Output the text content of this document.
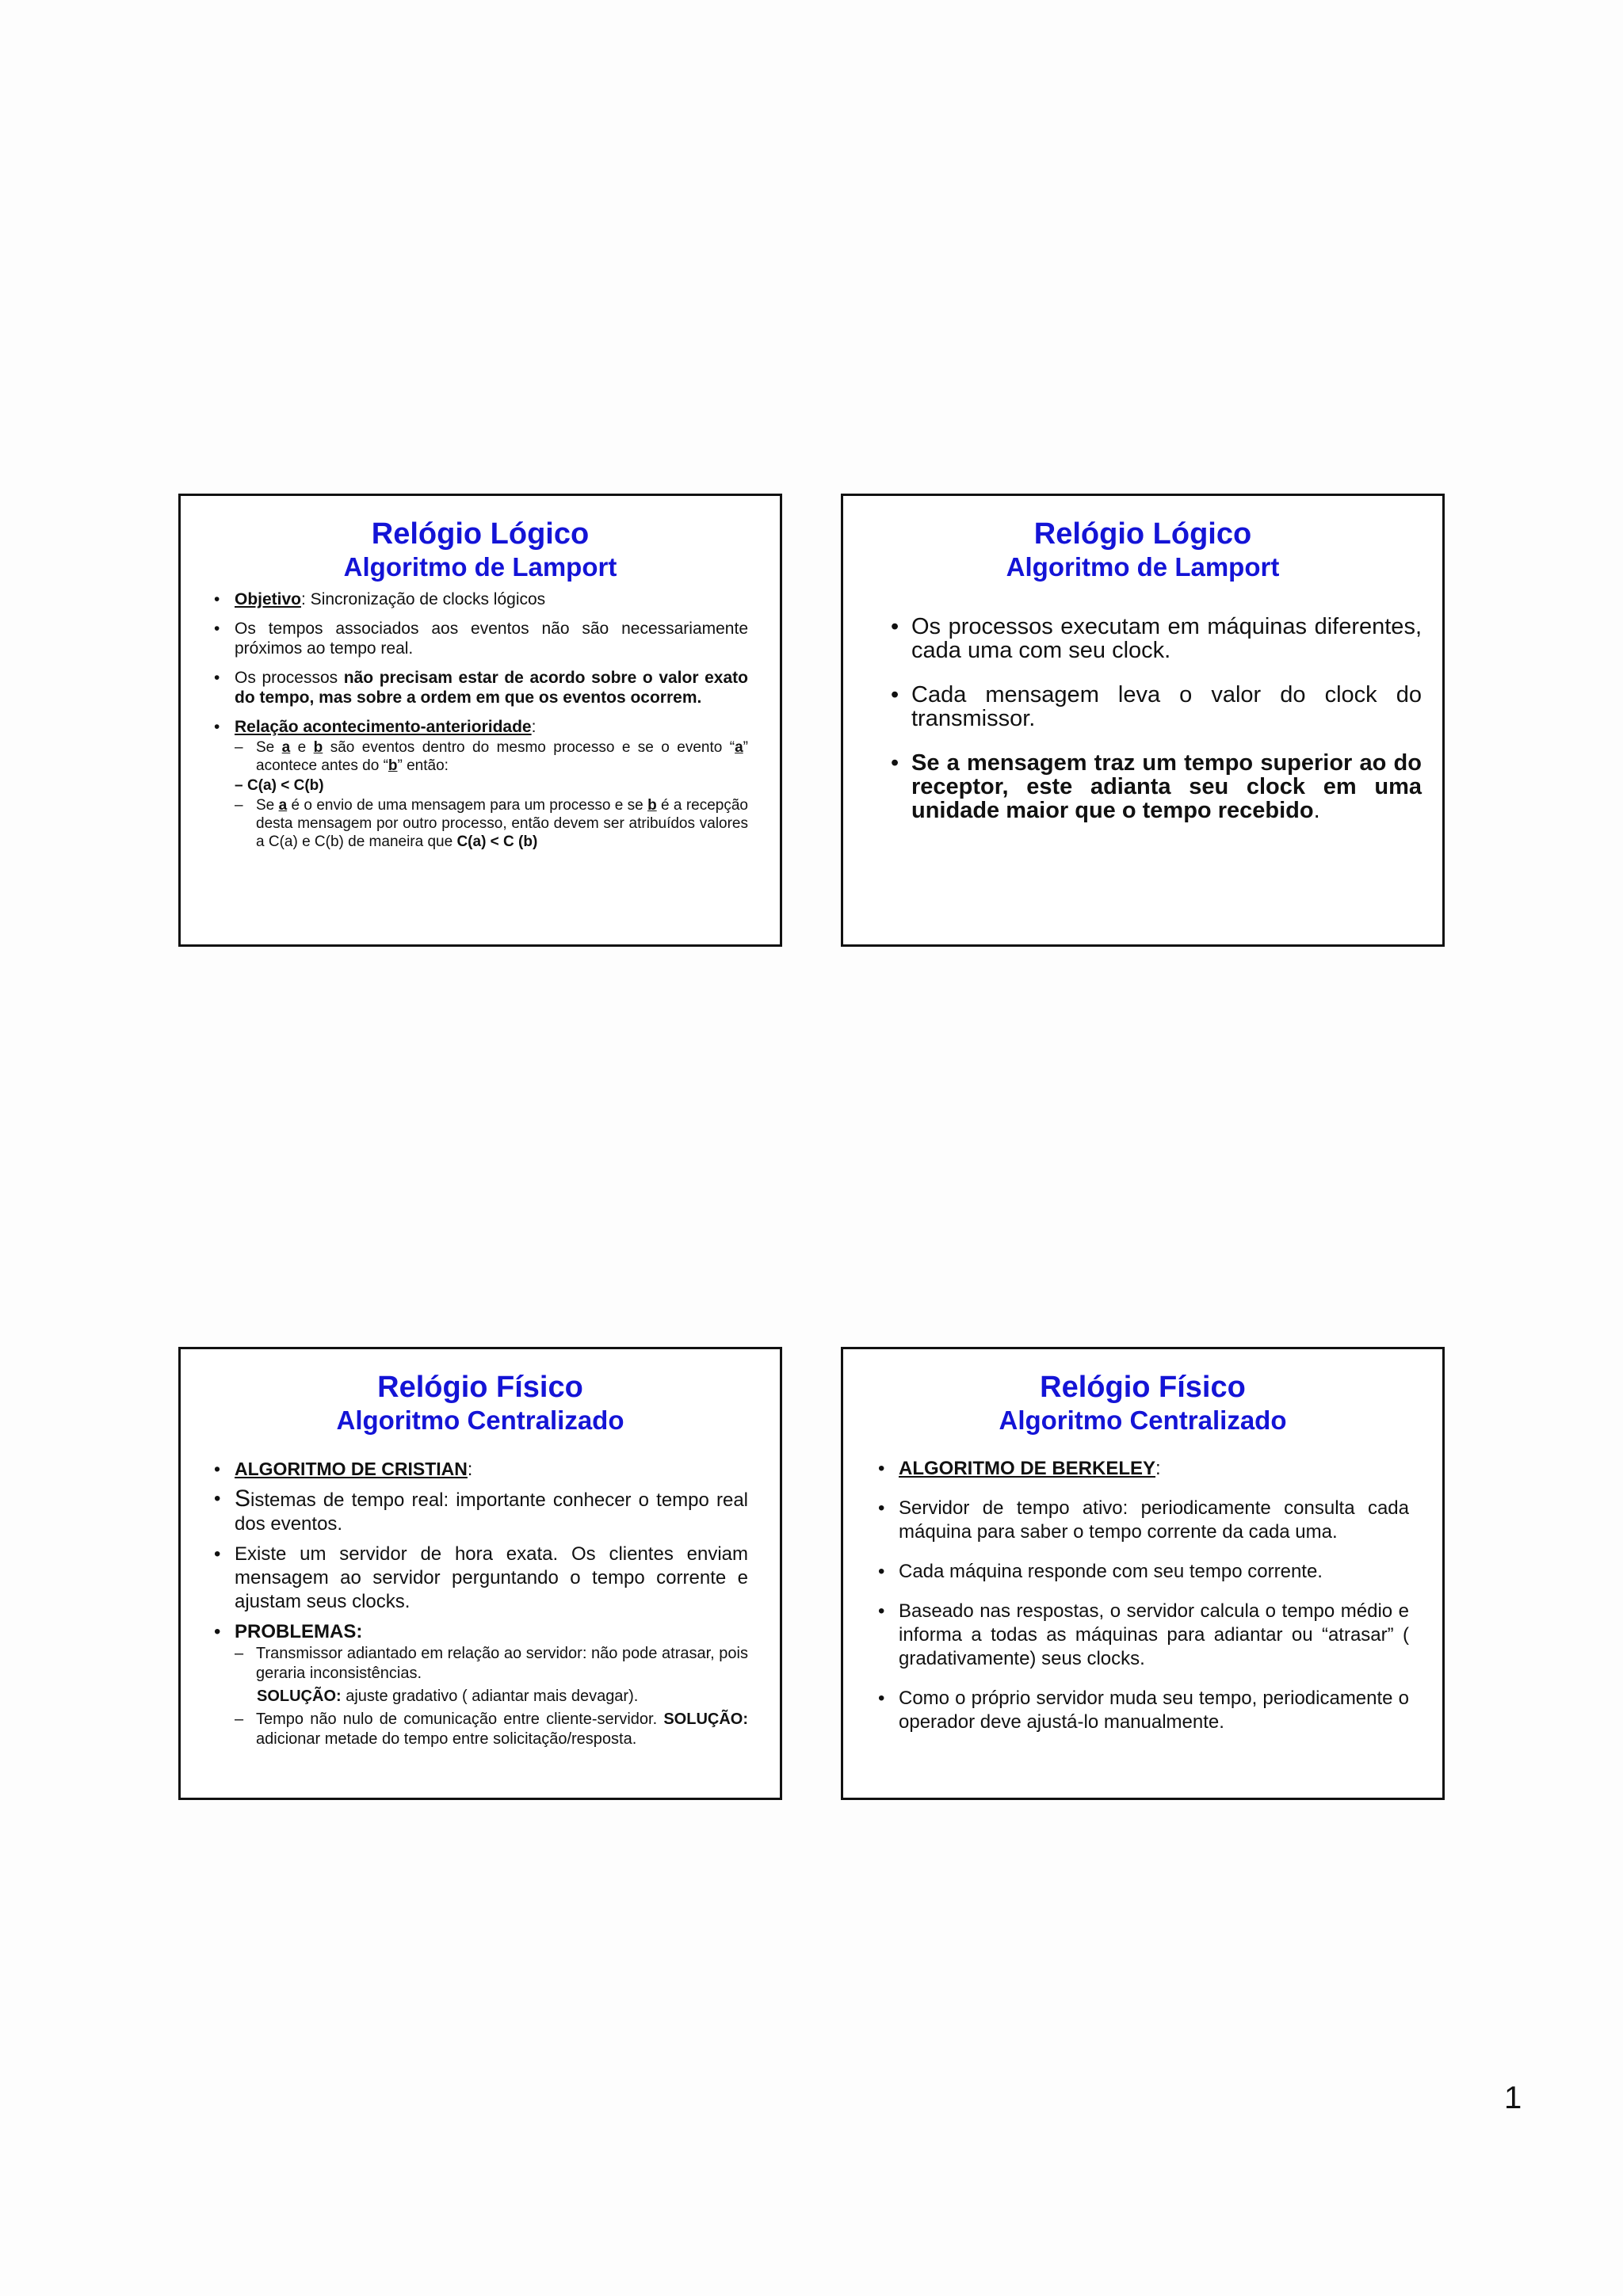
Relógio Lógico
Algoritmo de Lamport
• Objetivo: Sincronização de clocks lógicos
• Os tempos associados aos eventos não são necessariamente próximos ao tempo real.
• Os processos não precisam estar de acordo sobre o valor exato do tempo, mas sobre a ordem em que os eventos ocorrem.
• Relação acontecimento-anterioridade:
– Se a e b são eventos dentro do mesmo processo e se o evento “a” acontece antes do “b” então:
– C(a) < C(b)
– Se a é o envio de uma mensagem para um processo e se b é a recepção desta mensagem por outro processo, então devem ser atribuídos valores a C(a) e C(b) de maneira que C(a) < C (b)
Relógio Lógico
Algoritmo de Lamport
• Os processos executam em máquinas diferentes, cada uma com seu clock.
• Cada mensagem leva o valor do clock do transmissor.
• Se a mensagem traz um tempo superior ao do receptor, este adianta seu clock em uma unidade maior que o tempo recebido.
Relógio Físico
Algoritmo Centralizado
• ALGORITMO DE CRISTIAN:
• Sistemas de tempo real: importante conhecer o tempo real dos eventos.
• Existe um servidor de hora exata. Os clientes enviam mensagem ao servidor perguntando o tempo corrente e ajustam seus clocks.
• PROBLEMAS:
– Transmissor adiantado em relação ao servidor: não pode atrasar, pois geraria inconsistências.
SOLUÇÃO: ajuste gradativo ( adiantar mais devagar).
– Tempo não nulo de comunicação entre cliente-servidor. SOLUÇÃO: adicionar metade do tempo entre solicitação/resposta.
Relógio Físico
Algoritmo Centralizado
• ALGORITMO DE BERKELEY:
• Servidor de tempo ativo: periodicamente consulta cada máquina para saber o tempo corrente da cada uma.
• Cada máquina responde com seu tempo corrente.
• Baseado nas respostas, o servidor calcula o tempo médio e informa a todas as máquinas para adiantar ou “atrasar” ( gradativamente) seus clocks.
• Como o próprio servidor muda seu tempo, periodicamente o operador deve ajustá-lo manualmente.
1
